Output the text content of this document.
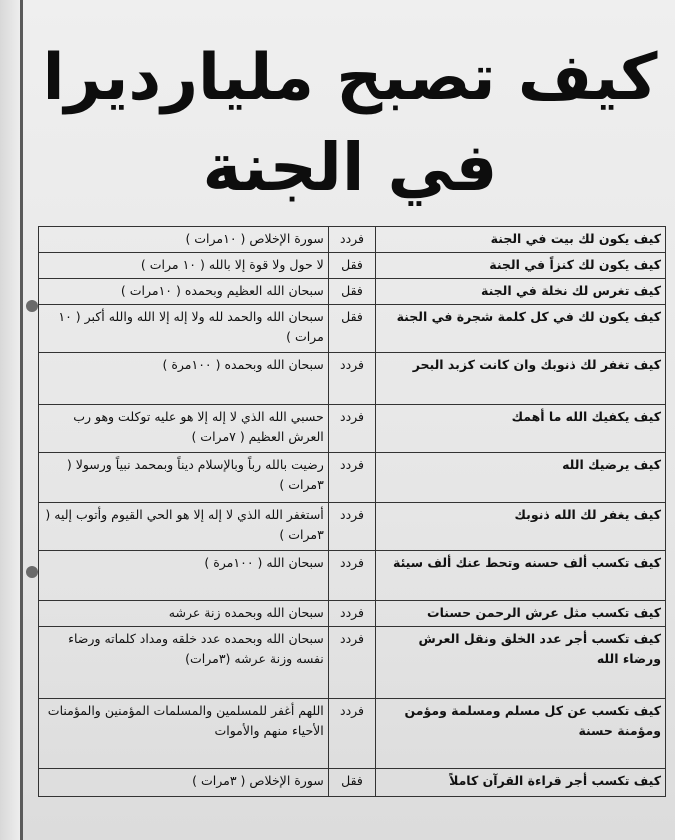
كيف تصبح مليارديرا
في الجنة
كيف يكون لك بيت في الجنة	فردد	سورة الإخلاص ( ١٠مرات )
كيف يكون لك كنزاً في الجنة	فقل	لا حول ولا قوة إلا بالله ( ١٠ مرات )
كيف تغرس لك نخلة في الجنة	فقل	سبحان الله العظيم وبحمده ( ١٠مرات )
كيف يكون لك في كل كلمة شجرة في الجنة	فقل	سبحان الله والحمد لله ولا إله إلا الله والله أكبر ( ١٠ مرات )
كيف تغفر لك ذنوبك وان كانت كزبد البحر	فردد	سبحان الله وبحمده ( ١٠٠مرة )
كيف يكفيك الله ما أهمك	فردد	حسبي الله الذي لا إله إلا هو عليه توكلت وهو رب العرش العظيم ( ٧مرات )
كيف يرضيك الله	فردد	رضيت بالله رباً وبالإسلام ديناً وبمحمد نبياً ورسولا ( ٣مرات )
كيف يغفر لك الله ذنوبك	فردد	أستغفر الله الذي لا إله إلا هو الحي القيوم وأتوب إليه ( ٣مرات )
كيف تكسب ألف حسنه وتحط عنك ألف سيئة	فردد	سبحان الله ( ١٠٠مرة )
كيف تكسب مثل عرش الرحمن حسنات	فردد	سبحان الله وبحمده زنة عرشه
كيف تكسب أجر عدد الخلق ونقل العرش ورضاء الله	فردد	سبحان الله وبحمده عدد خلقه ومداد كلماته ورضاء نفسه وزنة عرشه (٣مرات)
كيف تكسب عن كل مسلم ومسلمة ومؤمن ومؤمنة حسنة	فردد	اللهم أغفر للمسلمين والمسلمات المؤمنين والمؤمنات الأحياء منهم والأموات
كيف تكسب أجر قراءة القرآن كاملاً	فقل	سورة الإخلاص ( ٣مرات )
